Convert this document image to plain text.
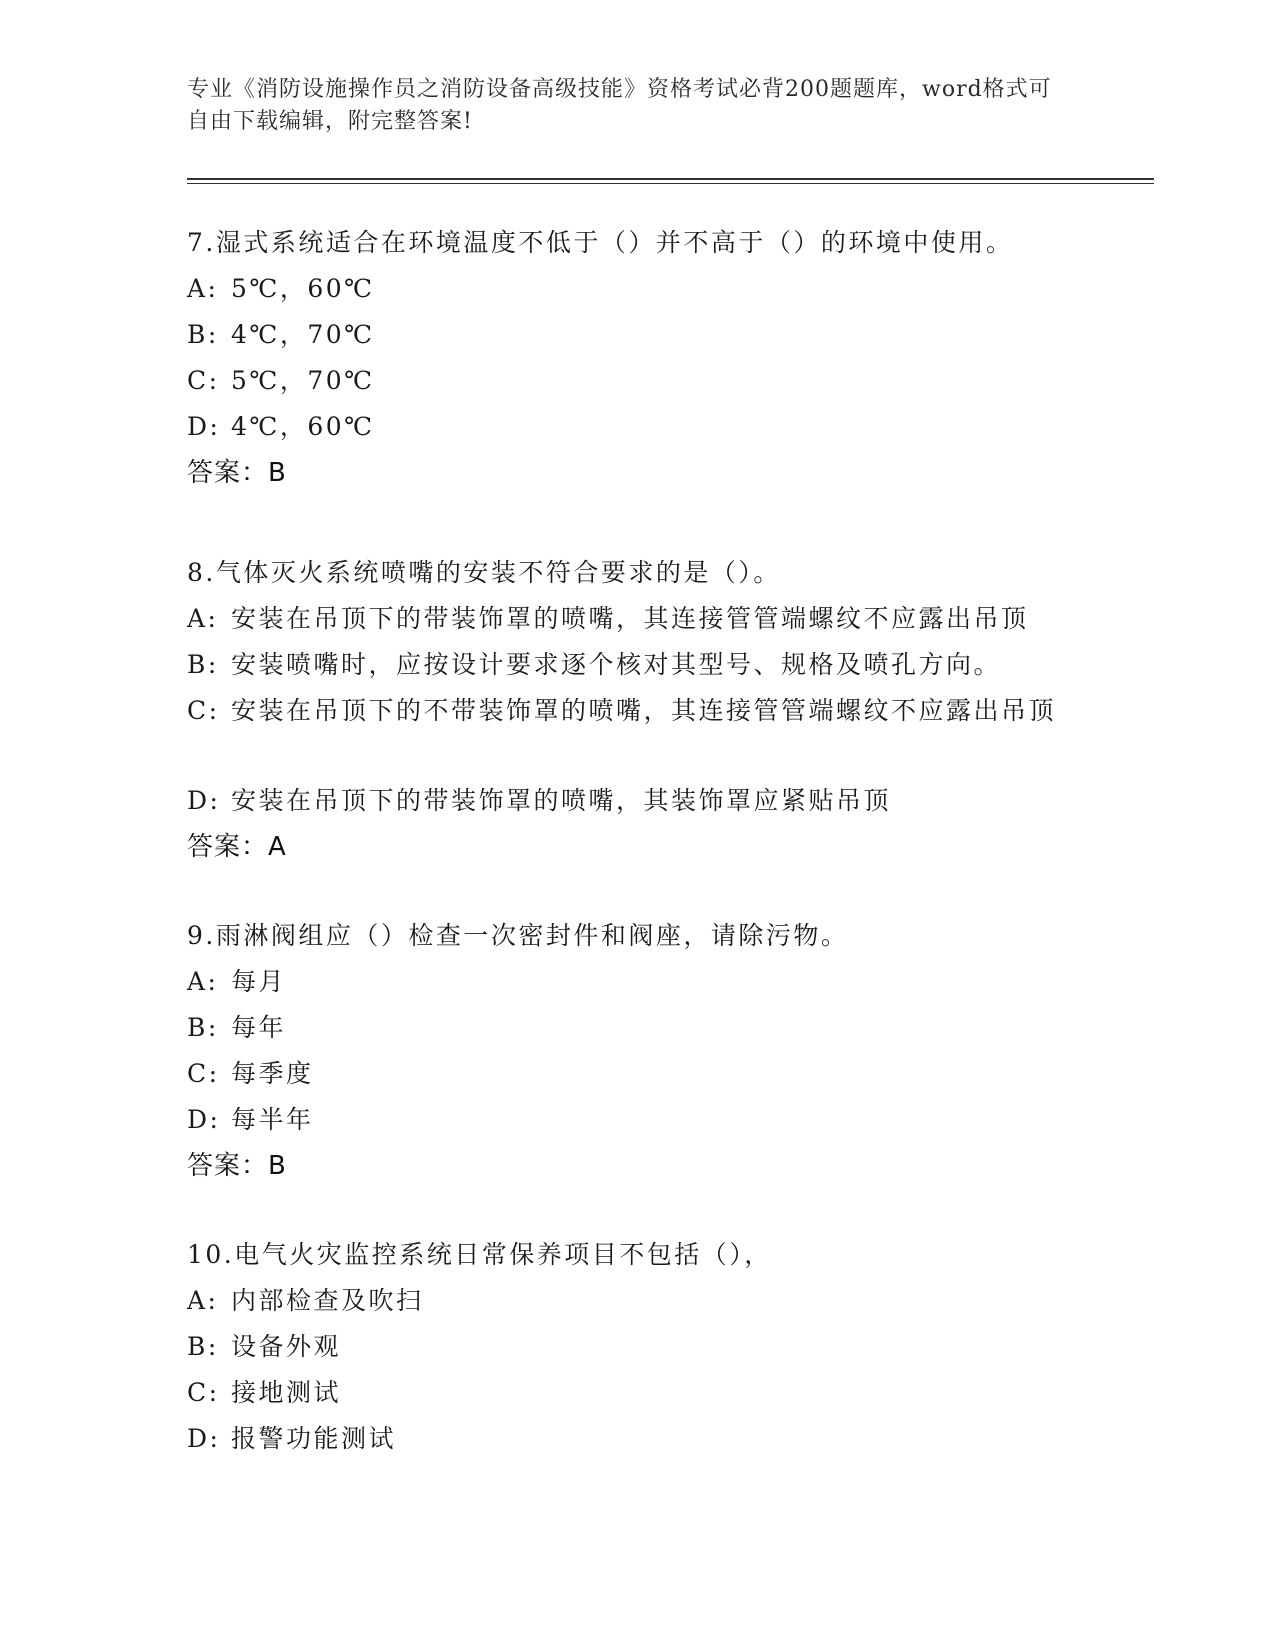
专业《消防设施操作员之消防设备高级技能》资格考试必背200题题库，word格式可自由下载编辑，附完整答案!
7.湿式系统适合在环境温度不低于（）并不高于（）的环境中使用。
A: 5℃，60℃
B: 4℃，70℃
C: 5℃，70℃
D: 4℃，60℃
答案：B
8.气体灭火系统喷嘴的安装不符合要求的是（）。
A: 安装在吊顶下的带装饰罩的喷嘴，其连接管管端螺纹不应露出吊顶
B: 安装喷嘴时，应按设计要求逐个核对其型号、规格及喷孔方向。
C: 安装在吊顶下的不带装饰罩的喷嘴，其连接管管端螺纹不应露出吊顶
D: 安装在吊顶下的带装饰罩的喷嘴，其装饰罩应紧贴吊顶
答案：A
9.雨淋阀组应（）检查一次密封件和阀座，请除污物。
A: 每月
B: 每年
C: 每季度
D: 每半年
答案：B
10.电气火灾监控系统日常保养项目不包括（），
A: 内部检查及吹扫
B: 设备外观
C: 接地测试
D: 报警功能测试
